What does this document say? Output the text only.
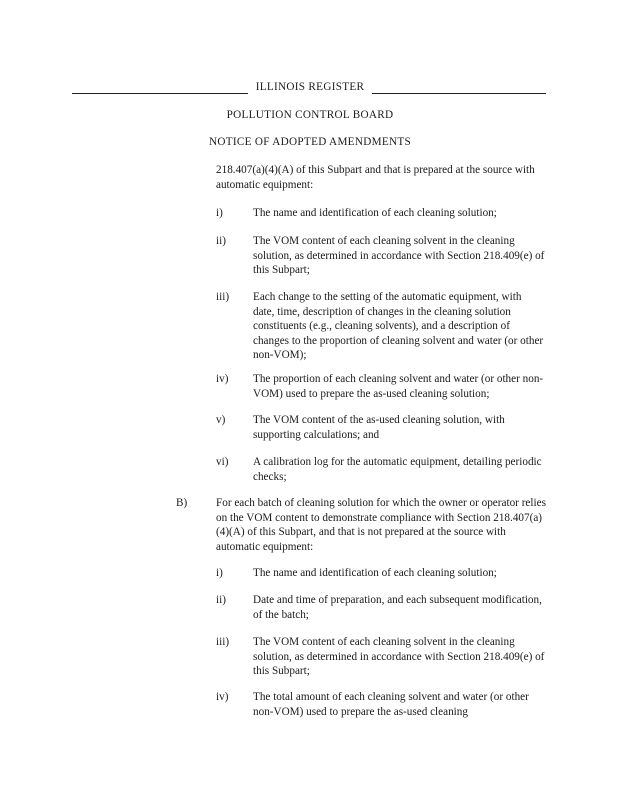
ILLINOIS REGISTER
POLLUTION CONTROL BOARD
NOTICE OF ADOPTED AMENDMENTS
218.407(a)(4)(A) of this Subpart and that is prepared at the source with automatic equipment:
i)	The name and identification of each cleaning solution;
ii) The VOM content of each cleaning solvent in the cleaning solution, as determined in accordance with Section 218.409(e) of this Subpart;
iii) Each change to the setting of the automatic equipment, with date, time, description of changes in the cleaning solution constituents (e.g., cleaning solvents), and a description of changes to the proportion of cleaning solvent and water (or other non-VOM);
iv) The proportion of each cleaning solvent and water (or other non-VOM) used to prepare the as-used cleaning solution;
v) The VOM content of the as-used cleaning solution, with supporting calculations; and
vi) A calibration log for the automatic equipment, detailing periodic checks;
B)	For each batch of cleaning solution for which the owner or operator relies on the VOM content to demonstrate compliance with Section 218.407(a)(4)(A) of this Subpart, and that is not prepared at the source with automatic equipment:
i)	The name and identification of each cleaning solution;
ii) Date and time of preparation, and each subsequent modification, of the batch;
iii) The VOM content of each cleaning solvent in the cleaning solution, as determined in accordance with Section 218.409(e) of this Subpart;
iv) The total amount of each cleaning solvent and water (or other non-VOM) used to prepare the as-used cleaning
